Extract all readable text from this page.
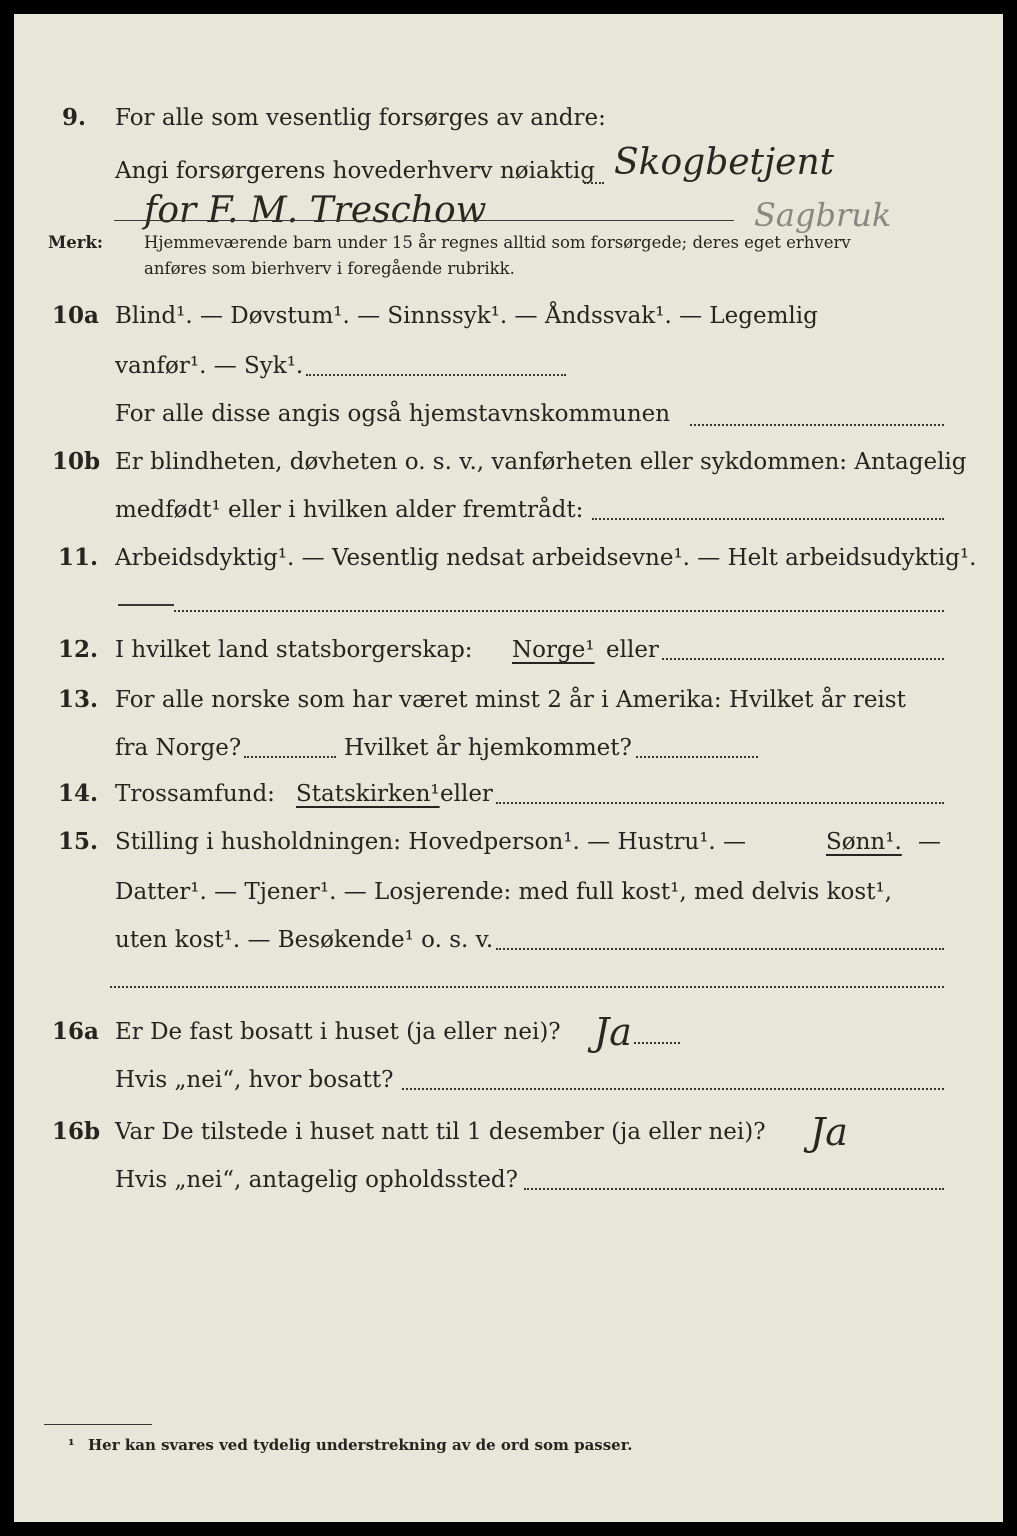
9. For alle som vesentlig forsørges av andre:
Angi forsørgerens hovederhverv nøiaktig Skogbetjent
for F. M. Treschow	Sagbruk
Merk: Hjemmeværende barn under 15 år regnes alltid som forsørgede; deres eget erhverv
anføres som bierhverv i foregående rubrikk.
10a Blind¹. — Døvstum¹. — Sinnssyk¹. — Åndssvak¹. — Legemlig
vanfør¹. — Syk¹.
For alle disse angis også hjemstavnskommunen
10b Er blindheten, døvheten o. s. v., vanførheten eller sykdommen: Antagelig
medfødt¹ eller i hvilken alder fremtrådt:
11. Arbeidsdyktig¹. — Vesentlig nedsat arbeidsevne¹. — Helt arbeidsudyktig¹.
12. I hvilket land statsborgerskap: Norge¹ eller
13. For alle norske som har været minst 2 år i Amerika: Hvilket år reist
fra Norge?	Hvilket år hjemkommet?
14. Trossamfund: Statskirken¹ eller
15. Stilling i husholdningen: Hovedperson¹. — Hustru¹. —	Sønn¹. —
Datter¹. — Tjener¹. — Losjerende: med full kost¹, med delvis kost¹,
uten kost¹. — Besøkende¹ o. s. v.
16a Er De fast bosatt i huset (ja eller nei)? Ja
Hvis „nei“, hvor bosatt?
16b Var De tilstede i huset natt til 1 desember (ja eller nei)? Ja
Hvis „nei“, antagelig opholdssted?
¹ Her kan svares ved tydelig understrekning av de ord som passer.
